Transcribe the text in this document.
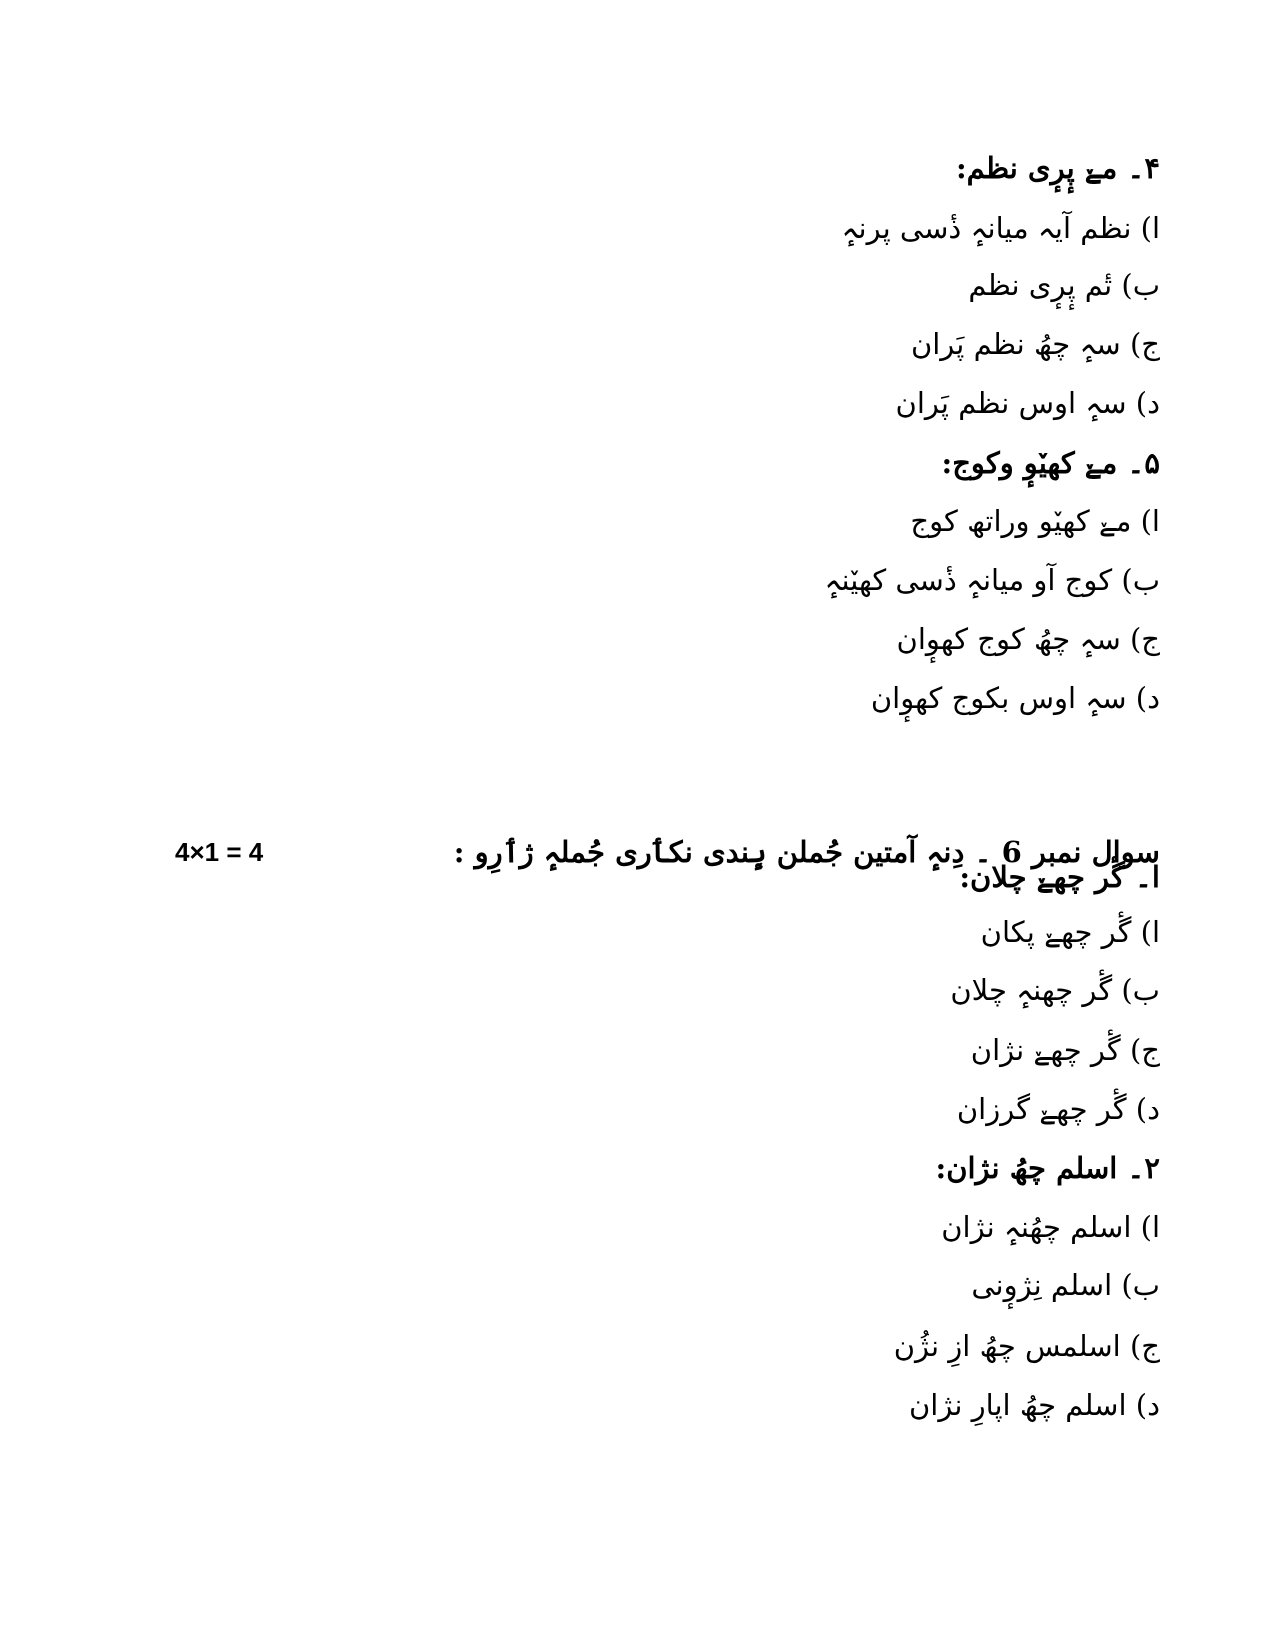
۴۔ مےٚ پٕرٕی نظم:
ا) نظم آیہ میانہٕ ذٔسی پرنہٕ
ب) تٔم پٕرٕی نظم
ج) سہٕ چھُ نظم پَران
د) سہٕ اوس نظم پَران
۵۔ مےٚ کھیٚوٕ وکوج:
ا) مےٚ کھیٚو وراتھ کوج
ب) کوج آو میانہٕ ذٔسی کھیٚنہٕ
ج) سہٕ چھُ کوج کھوٕان
د) سہٕ اوس بکوج کھوٕان
سوال نمبر 6 ۔ دِنہٕ آمتین جُملن ہٕندی نکٲری جُملہٕ ژٲرِو :
4×1 = 4
ا۔ گٔر چھےٚ چلان:
ا) گٔر چھےٚ پکان
ب) گٔر چھنہٕ چلان
ج) گٔر چھےٚ نژان
د) گٔر چھےٚ گرزان
۲۔ اسلم چھُ نژان:
ا) اسلم چھُنہٕ نژان
ب) اسلم نِژوٕنی
ج) اسلمس چھُ ازِ نژُن
د) اسلم چھُ اپارِ نژان
